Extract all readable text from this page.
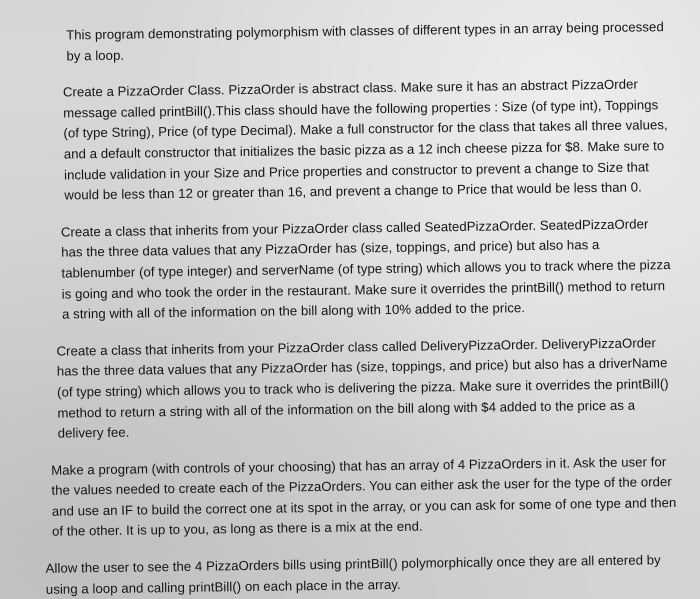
This program demonstrating polymorphism with classes of different types in an array being processed by a loop.

Create a PizzaOrder Class. PizzaOrder is abstract class. Make sure it has an abstract PizzaOrder message called printBill().This class should have the following properties : Size (of type int), Toppings (of type String), Price (of type Decimal). Make a full constructor for the class that takes all three values, and a default constructor that initializes the basic pizza as a 12 inch cheese pizza for $8. Make sure to include validation in your Size and Price properties and constructor to prevent a change to Size that would be less than 12 or greater than 16, and prevent a change to Price that would be less than 0.

Create a class that inherits from your PizzaOrder class called SeatedPizzaOrder. SeatedPizzaOrder has the three data values that any PizzaOrder has (size, toppings, and price) but also has a tablenumber (of type integer) and serverName (of type string) which allows you to track where the pizza is going and who took the order in the restaurant. Make sure it overrides the printBill() method to return a string with all of the information on the bill along with 10% added to the price.

Create a class that inherits from your PizzaOrder class called DeliveryPizzaOrder. DeliveryPizzaOrder has the three data values that any PizzaOrder has (size, toppings, and price) but also has a driverName (of type string) which allows you to track who is delivering the pizza. Make sure it overrides the printBill() method to return a string with all of the information on the bill along with $4 added to the price as a delivery fee.

Make a program (with controls of your choosing) that has an array of 4 PizzaOrders in it. Ask the user for the values needed to create each of the PizzaOrders. You can either ask the user for the type of the order and use an IF to build the correct one at its spot in the array, or you can ask for some of one type and then of the other. It is up to you, as long as there is a mix at the end.

Allow the user to see the 4 PizzaOrders bills using printBill() polymorphically once they are all entered by using a loop and calling printBill() on each place in the array.
